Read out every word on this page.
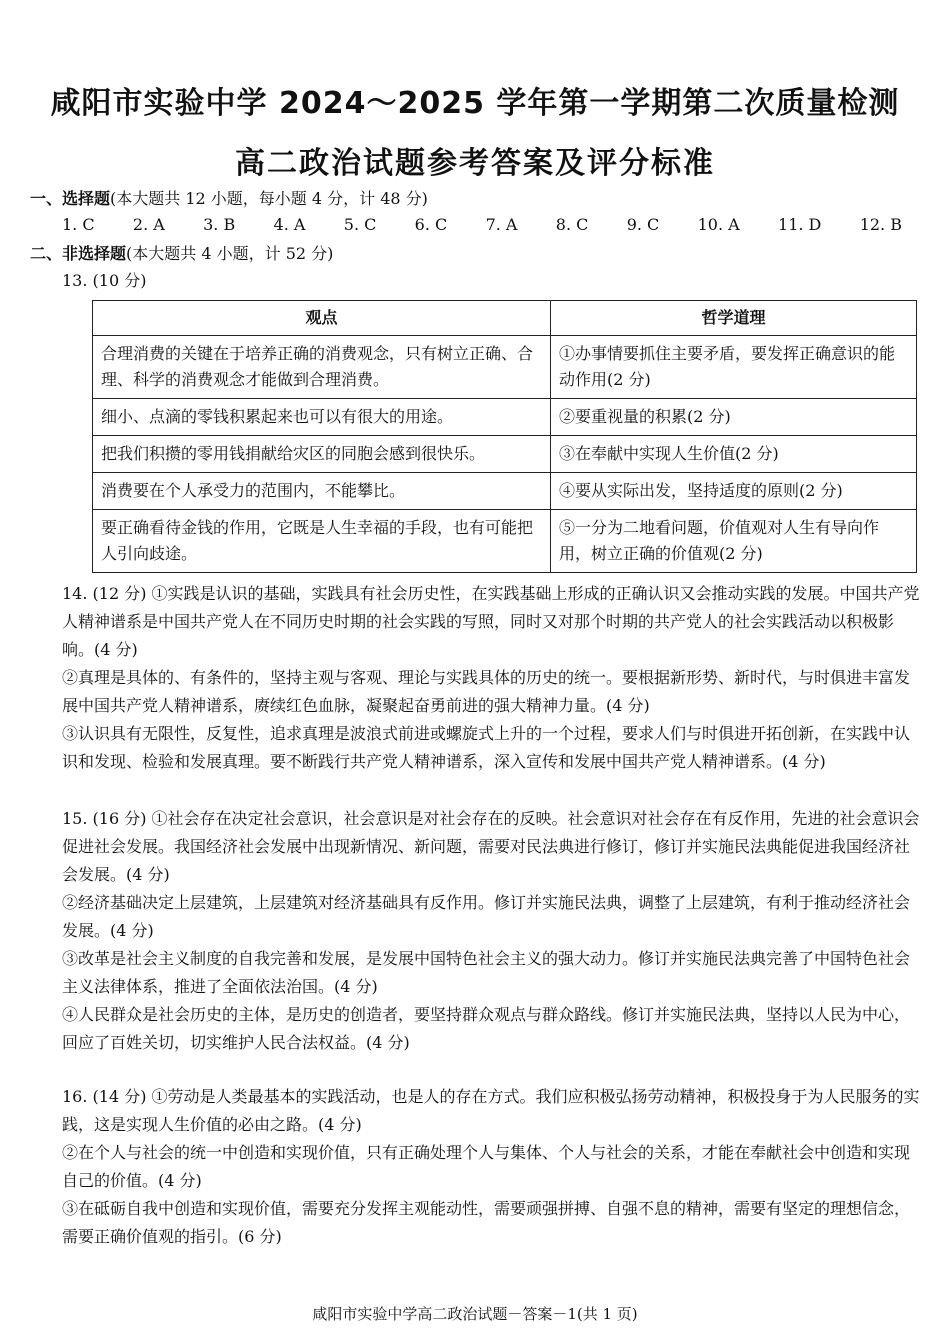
咸阳市实验中学 2024～2025 学年第一学期第二次质量检测
高二政治试题参考答案及评分标准
一、选择题(本大题共 12 小题，每小题 4 分，计 48 分)
1. C 2. A 3. B 4. A 5. C 6. C 7. A 8. C 9. C 10. A 11. D 12. B
二、非选择题(本大题共 4 小题，计 52 分)
13. (10 分)
观点	哲学道理
合理消费的关键在于培养正确的消费观念，只有树立正确、合理、科学的消费观念才能做到合理消费。	①办事情要抓住主要矛盾，要发挥正确意识的能动作用(2 分)
细小、点滴的零钱积累起来也可以有很大的用途。	②要重视量的积累(2 分)
把我们积攒的零用钱捐献给灾区的同胞会感到很快乐。	③在奉献中实现人生价值(2 分)
消费要在个人承受力的范围内，不能攀比。	④要从实际出发，坚持适度的原则(2 分)
要正确看待金钱的作用，它既是人生幸福的手段，也有可能把人引向歧途。	⑤一分为二地看问题，价值观对人生有导向作用，树立正确的价值观(2 分)

14. (12 分) ①实践是认识的基础，实践具有社会历史性，在实践基础上形成的正确认识又会推动实践的发展。中国共产党人精神谱系是中国共产党人在不同历史时期的社会实践的写照，同时又对那个时期的共产党人的社会实践活动以积极影响。(4 分)

②真理是具体的、有条件的，坚持主观与客观、理论与实践具体的历史的统一。要根据新形势、新时代，与时俱进丰富发展中国共产党人精神谱系，赓续红色血脉，凝聚起奋勇前进的强大精神力量。(4 分)

③认识具有无限性，反复性，追求真理是波浪式前进或螺旋式上升的一个过程，要求人们与时俱进开拓创新，在实践中认识和发现、检验和发展真理。要不断践行共产党人精神谱系，深入宣传和发展中国共产党人精神谱系。(4 分)

15. (16 分) ①社会存在决定社会意识，社会意识是对社会存在的反映。社会意识对社会存在有反作用，先进的社会意识会促进社会发展。我国经济社会发展中出现新情况、新问题，需要对民法典进行修订，修订并实施民法典能促进我国经济社会发展。(4 分)

②经济基础决定上层建筑，上层建筑对经济基础具有反作用。修订并实施民法典，调整了上层建筑，有利于推动经济社会发展。(4 分)

③改革是社会主义制度的自我完善和发展，是发展中国特色社会主义的强大动力。修订并实施民法典完善了中国特色社会主义法律体系，推进了全面依法治国。(4 分)

④人民群众是社会历史的主体，是历史的创造者，要坚持群众观点与群众路线。修订并实施民法典，坚持以人民为中心，回应了百姓关切，切实维护人民合法权益。(4 分)

16. (14 分) ①劳动是人类最基本的实践活动，也是人的存在方式。我们应积极弘扬劳动精神，积极投身于为人民服务的实践，这是实现人生价值的必由之路。(4 分)

②在个人与社会的统一中创造和实现价值，只有正确处理个人与集体、个人与社会的关系，才能在奉献社会中创造和实现自己的价值。(4 分)

③在砥砺自我中创造和实现价值，需要充分发挥主观能动性，需要顽强拼搏、自强不息的精神，需要有坚定的理想信念，需要正确价值观的指引。(6 分)

咸阳市实验中学高二政治试题－答案－1(共 1 页)
